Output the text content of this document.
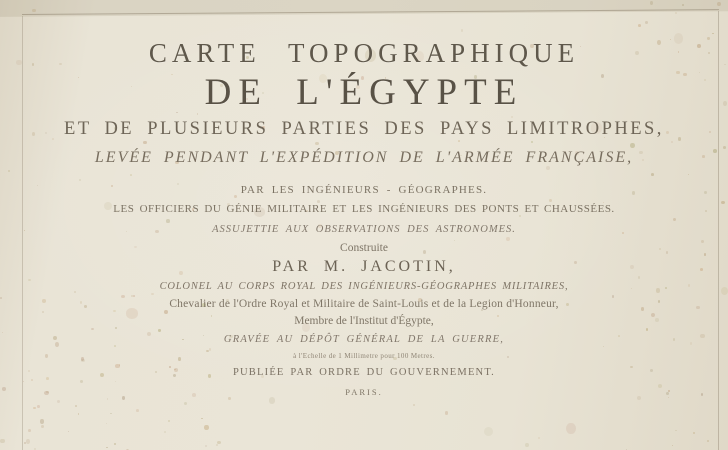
CARTE TOPOGRAPHIQUE
DE L'ÉGYPTE
ET DE PLUSIEURS PARTIES DES PAYS LIMITROPHES,
LEVÉE PENDANT L'EXPÉDITION DE L'ARMÉE FRANÇAISE,
PAR LES INGÉNIEURS - GÉOGRAPHES.
LES OFFICIERS DU GÉNIE MILITAIRE ET LES INGÉNIEURS DES PONTS ET CHAUSSÉES.
ASSUJETTIE AUX OBSERVATIONS DES ASTRONOMES.
Construite
PAR M. JACOTIN,
COLONEL AU CORPS ROYAL DES INGÉNIEURS-GÉOGRAPHES MILITAIRES,
Chevalier de l'Ordre Royal et Militaire de Saint-Louis et de la Legion d'Honneur,
Membre de l'Institut d'Égypte,
GRAVÉE AU DÉPÔT GÉNÉRAL DE LA GUERRE,
à l'Echelle de 1 Millimetre pour 100 Metres.
PUBLIÉE PAR ORDRE DU GOUVERNEMENT.
PARIS.
